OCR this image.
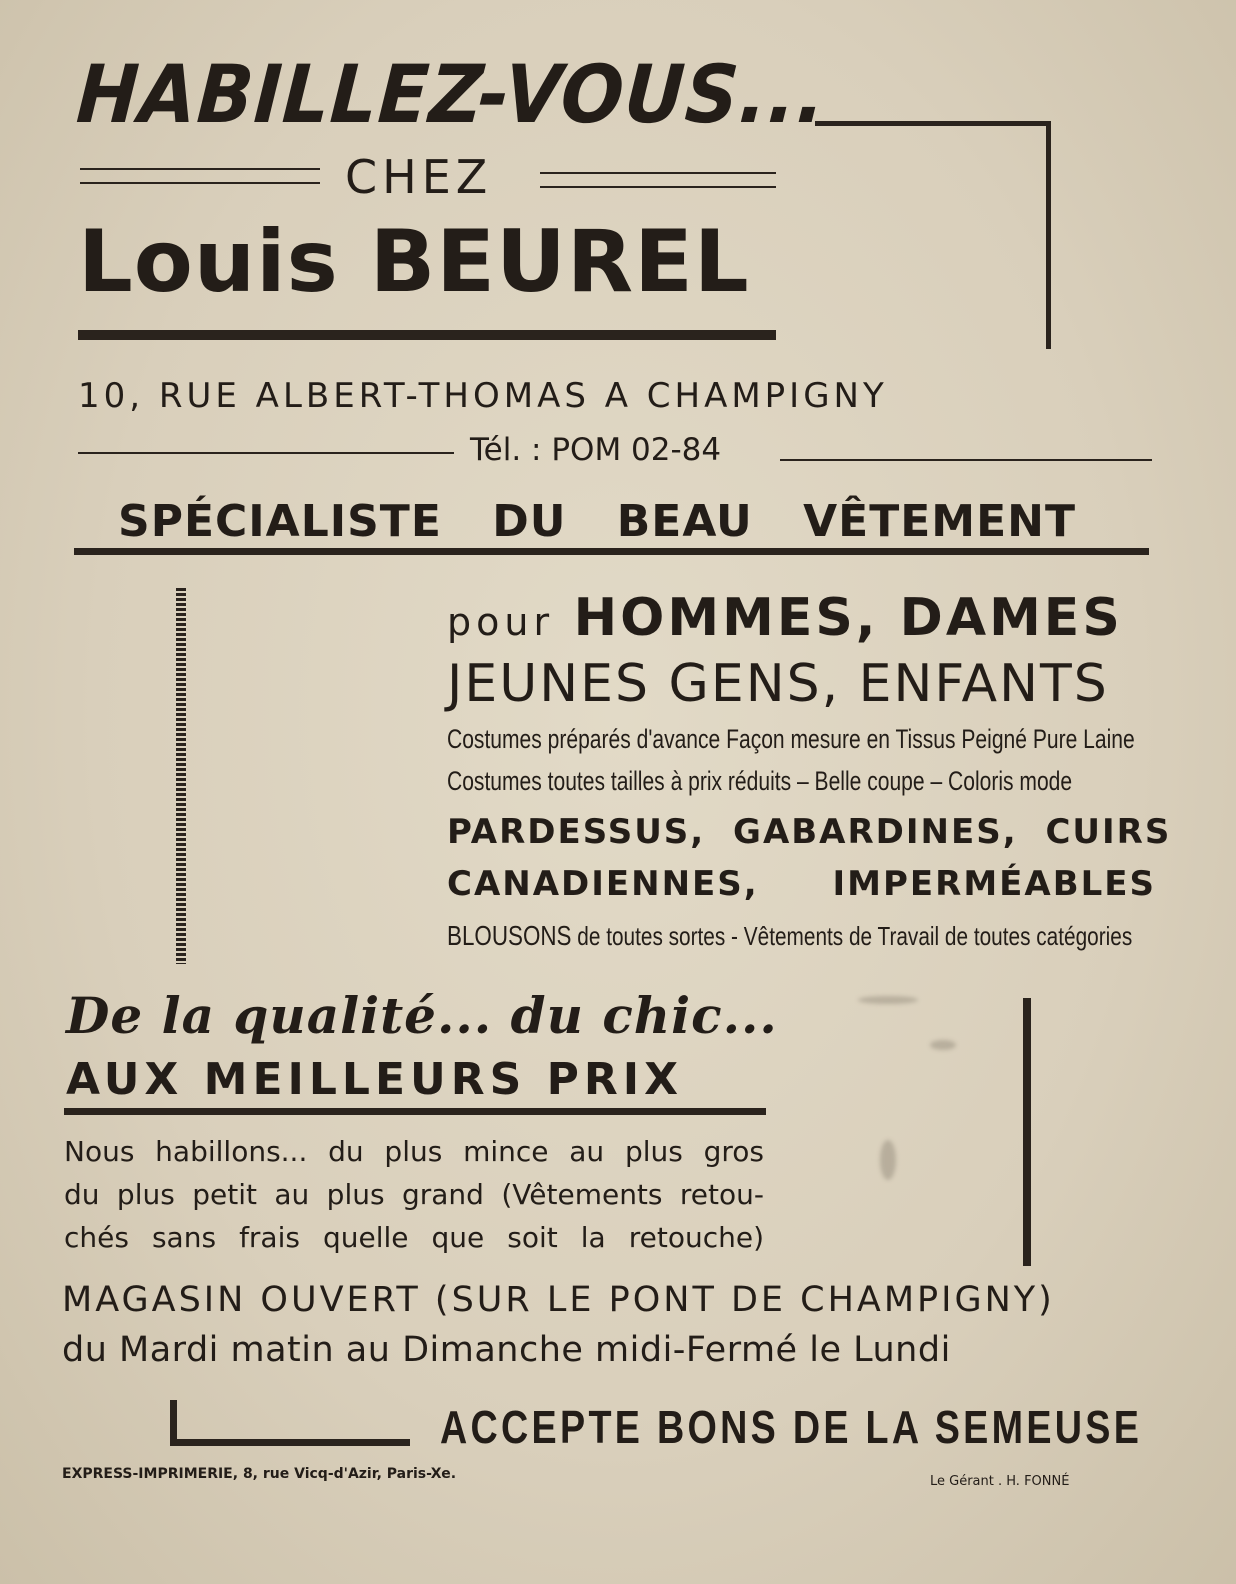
HABILLEZ-VOUS...

CHEZ

Louis BEUREL

10, RUE ALBERT-THOMAS A CHAMPIGNY

Tél. : POM 02-84

SPÉCIALISTE DU BEAU VÊTEMENT

pour HOMMES, DAMES

JEUNES GENS, ENFANTS

Costumes préparés d'avance Façon mesure en Tissus Peigné Pure Laine

Costumes toutes tailles à prix réduits – Belle coupe – Coloris mode

PARDESSUS, GABARDINES, CUIRS

CANADIENNES, IMPERMÉABLES

BLOUSONS de toutes sortes - Vêtements de Travail de toutes catégories

De la qualité... du chic...

AUX MEILLEURS PRIX

Nous habillons... du plus mince au plus gros
du plus petit au plus grand (Vêtements retou-
chés sans frais quelle que soit la retouche)

MAGASIN OUVERT (SUR LE PONT DE CHAMPIGNY)

du Mardi matin au Dimanche midi-Fermé le Lundi

ACCEPTE BONS DE LA SEMEUSE

EXPRESS-IMPRIMERIE, 8, rue Vicq-d'Azir, Paris-Xe.	Le Gérant . H. FONNÉ
